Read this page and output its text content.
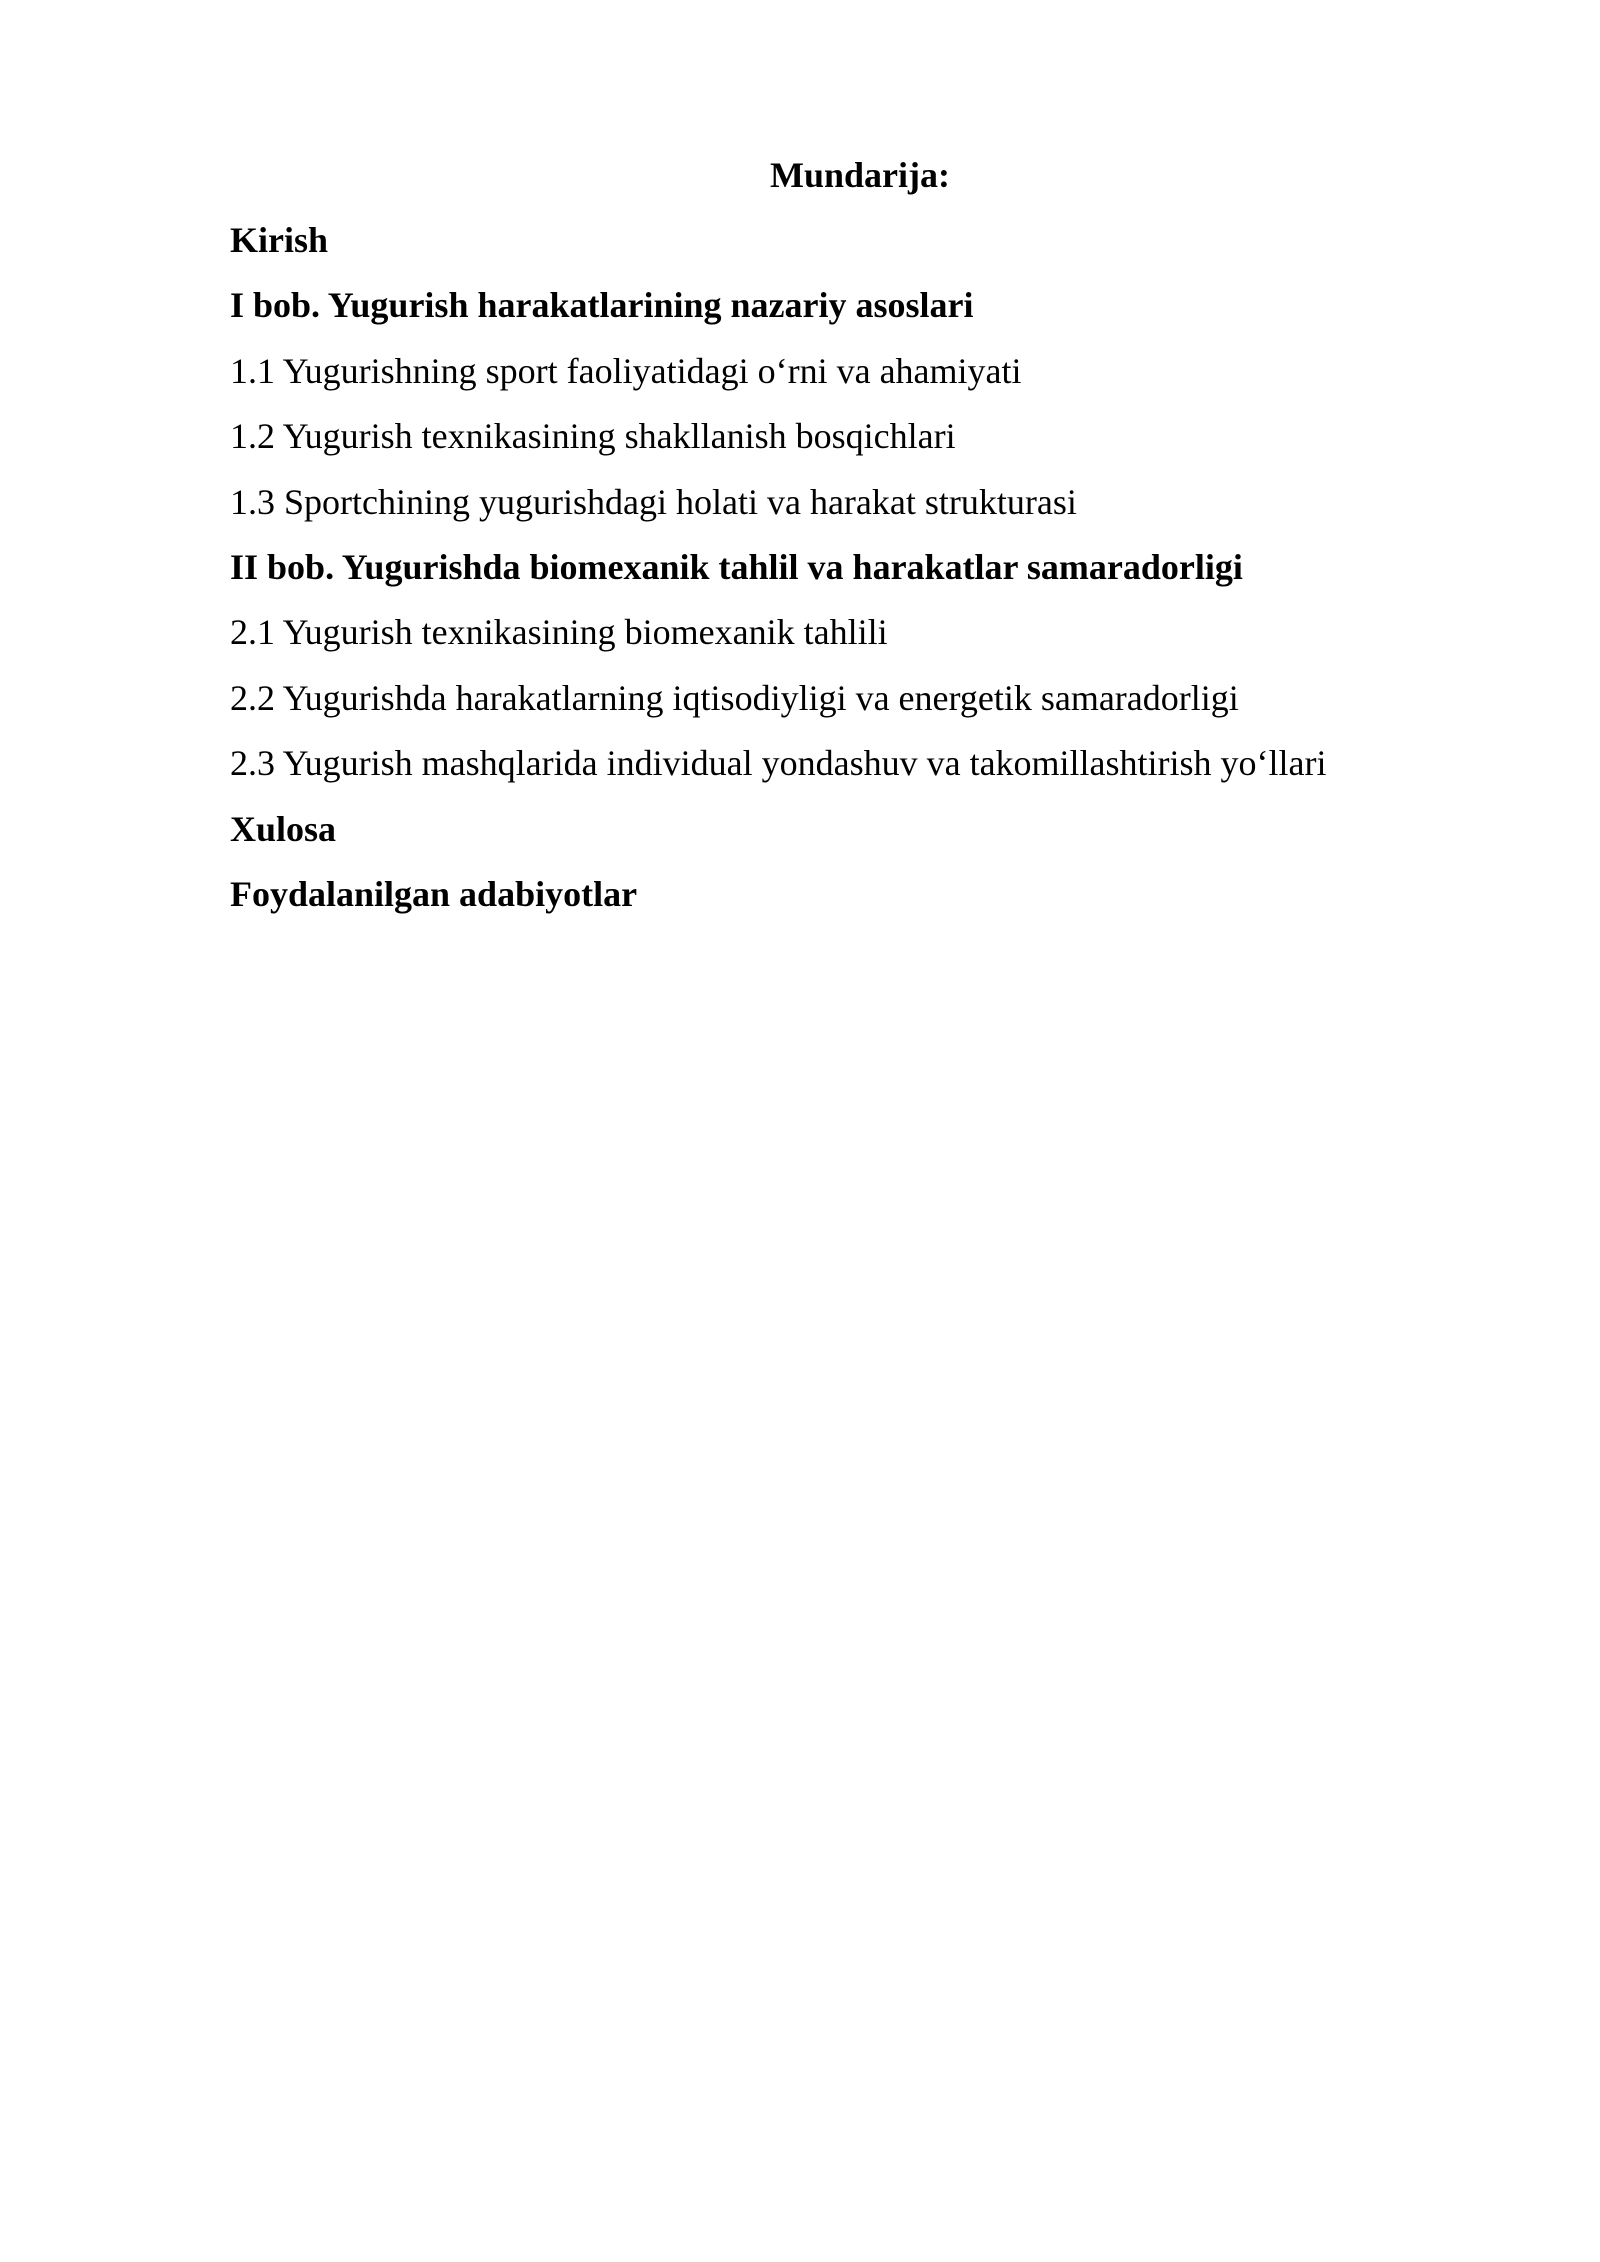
Mundarija:
Kirish
I bob. Yugurish harakatlarining nazariy asoslari
1.1 Yugurishning sport faoliyatidagi o‘rni va ahamiyati
1.2 Yugurish texnikasining shakllanish bosqichlari
1.3 Sportchining yugurishdagi holati va harakat strukturasi
II bob. Yugurishda biomexanik tahlil va harakatlar samaradorligi
2.1 Yugurish texnikasining biomexanik tahlili
2.2 Yugurishda harakatlarning iqtisodiyligi va energetik samaradorligi
2.3 Yugurish mashqlarida individual yondashuv va takomillashtirish yo‘llari
Xulosa
Foydalanilgan adabiyotlar
